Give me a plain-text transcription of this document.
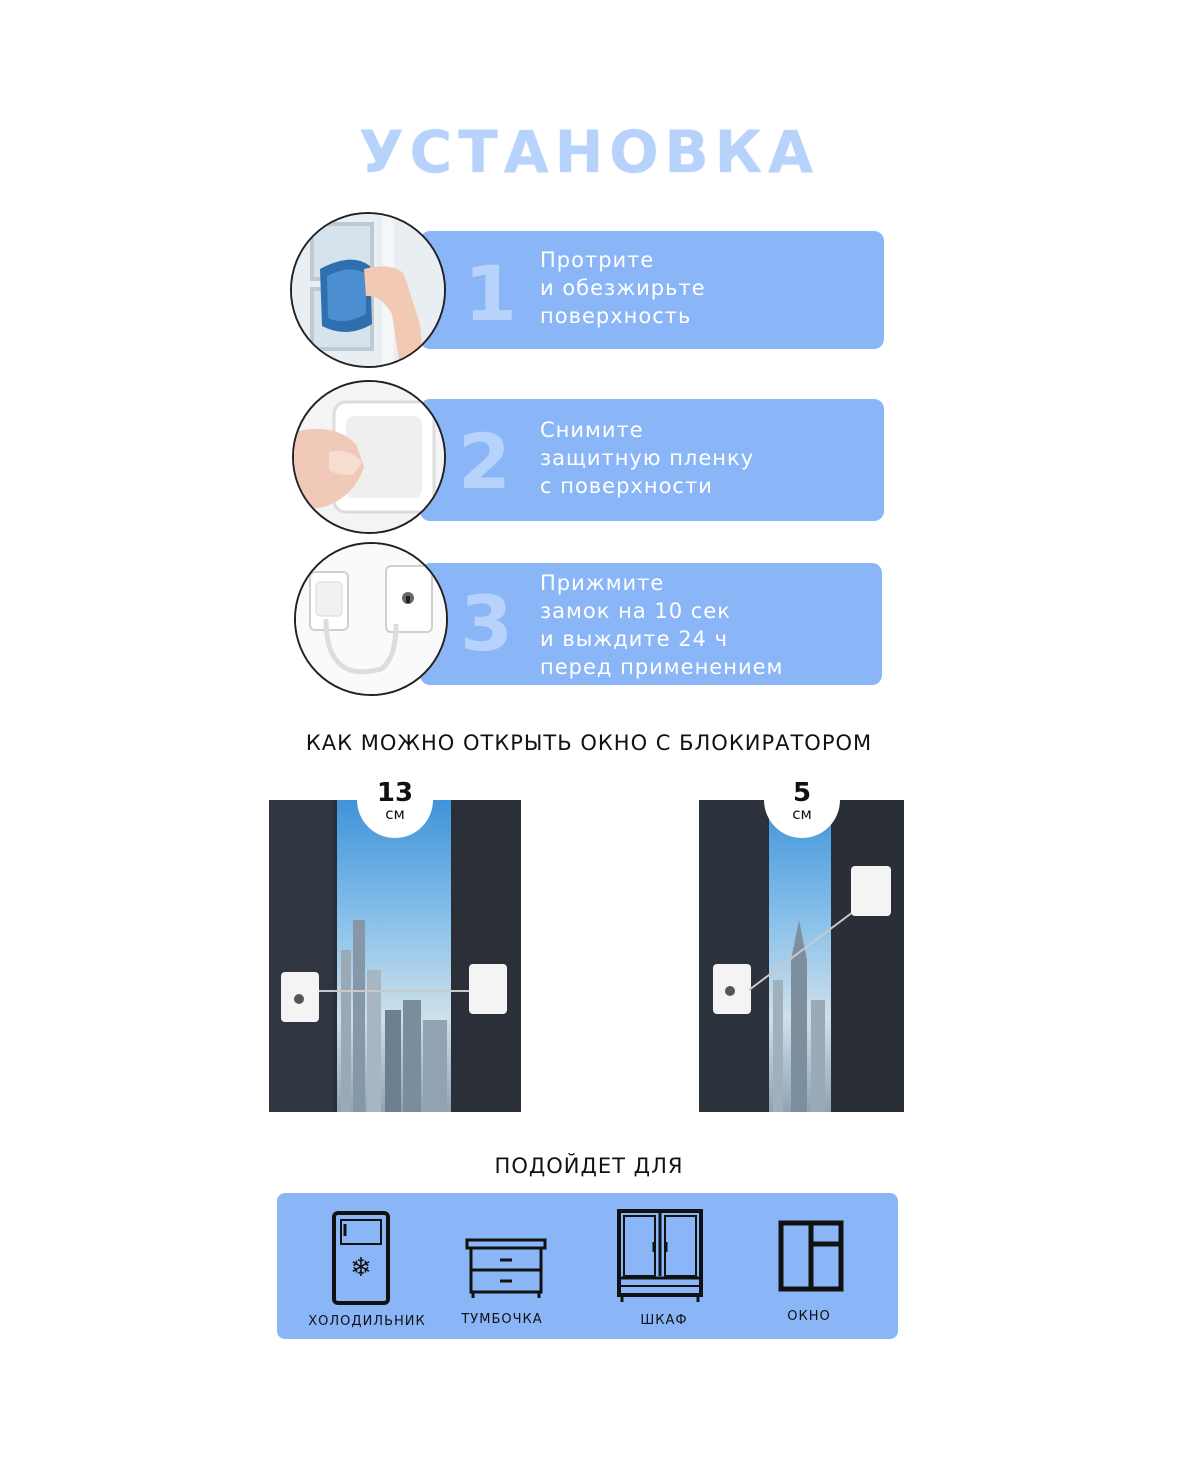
УСТАНОВКА
1 Протрите
и обезжирьте
поверхность
2 Снимите
защитную пленку
с поверхности
3 Прижмите
замок на 10 сек
и выждите 24 ч
перед применением
КАК МОЖНО ОТКРЫТЬ ОКНО С БЛОКИРАТОРОМ
13
см
5
см
ПОДОЙДЕТ ДЛЯ
❄
ХОЛОДИЛЬНИК	ТУМБОЧКА	ШКАФ	ОКНО
